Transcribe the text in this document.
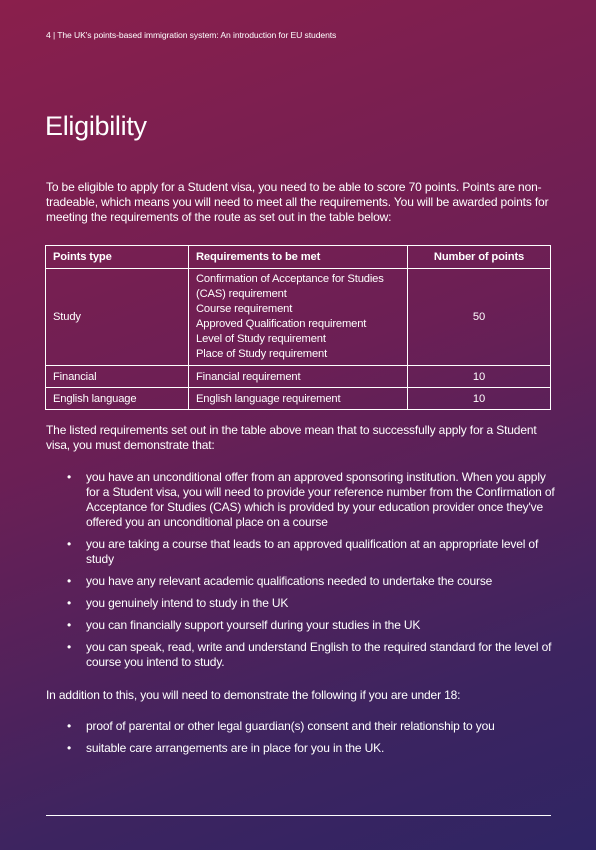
4 | The UK's points-based immigration system: An introduction for EU students
Eligibility

To be eligible to apply for a Student visa, you need to be able to score 70 points. Points are non-tradeable, which means you will need to meet all the requirements. You will be awarded points for meeting the requirements of the route as set out in the table below:

Points type	Requirements to be met	Number of points
Study	Confirmation of Acceptance for Studies (CAS) requirement
Course requirement
Approved Qualification requirement
Level of Study requirement
Place of Study requirement	50
Financial	Financial requirement	10
English language	English language requirement	10

The listed requirements set out in the table above mean that to successfully apply for a Student visa, you must demonstrate that:

• you have an unconditional offer from an approved sponsoring institution. When you apply for a Student visa, you will need to provide your reference number from the Confirmation of Acceptance for Studies (CAS) which is provided by your education provider once they've offered you an unconditional place on a course
• you are taking a course that leads to an approved qualification at an appropriate level of study
• you have any relevant academic qualifications needed to undertake the course
• you genuinely intend to study in the UK
• you can financially support yourself during your studies in the UK
• you can speak, read, write and understand English to the required standard for the level of course you intend to study.

In addition to this, you will need to demonstrate the following if you are under 18:

• proof of parental or other legal guardian(s) consent and their relationship to you
• suitable care arrangements are in place for you in the UK.
